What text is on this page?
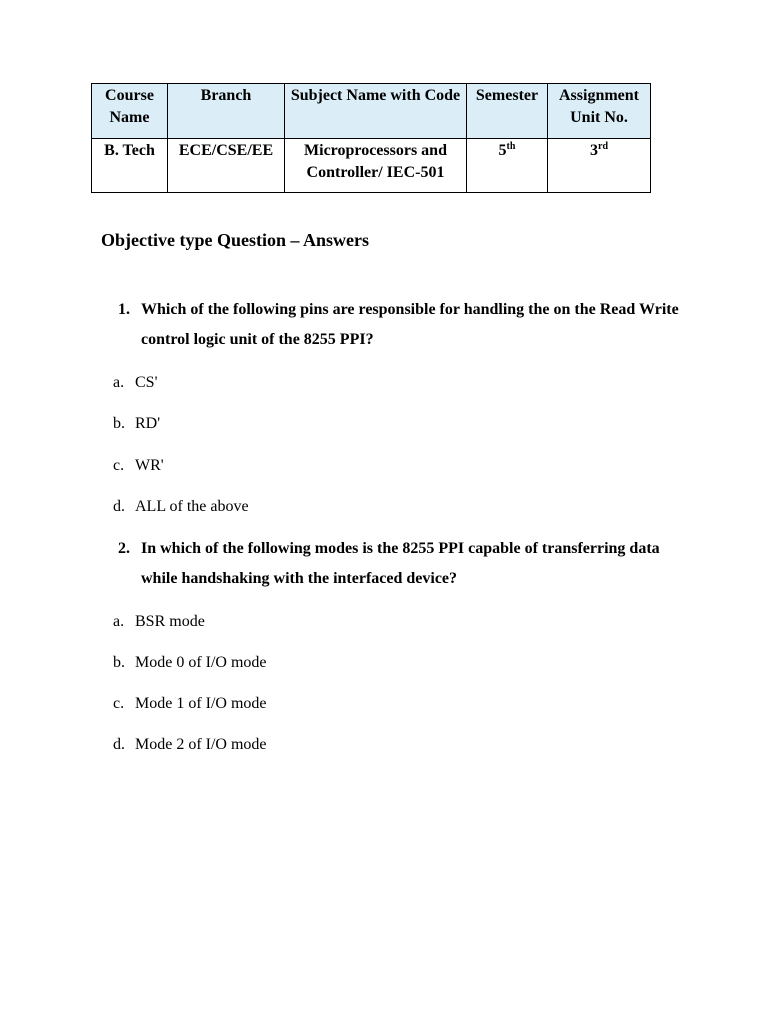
Course Name	Branch	Subject Name with Code	Semester	Assignment Unit No.
B. Tech	ECE/CSE/EE	Microprocessors and Controller/ IEC-501	5th	3rd
Objective type Question – Answers
1. Which of the following pins are responsible for handling the on the Read Write control logic unit of the 8255 PPI?
a. CS'
b. RD'
c. WR'
d. ALL of the above
2. In which of the following modes is the 8255 PPI capable of transferring data while handshaking with the interfaced device?
a. BSR mode
b. Mode 0 of I/O mode
c. Mode 1 of I/O mode
d. Mode 2 of I/O mode
